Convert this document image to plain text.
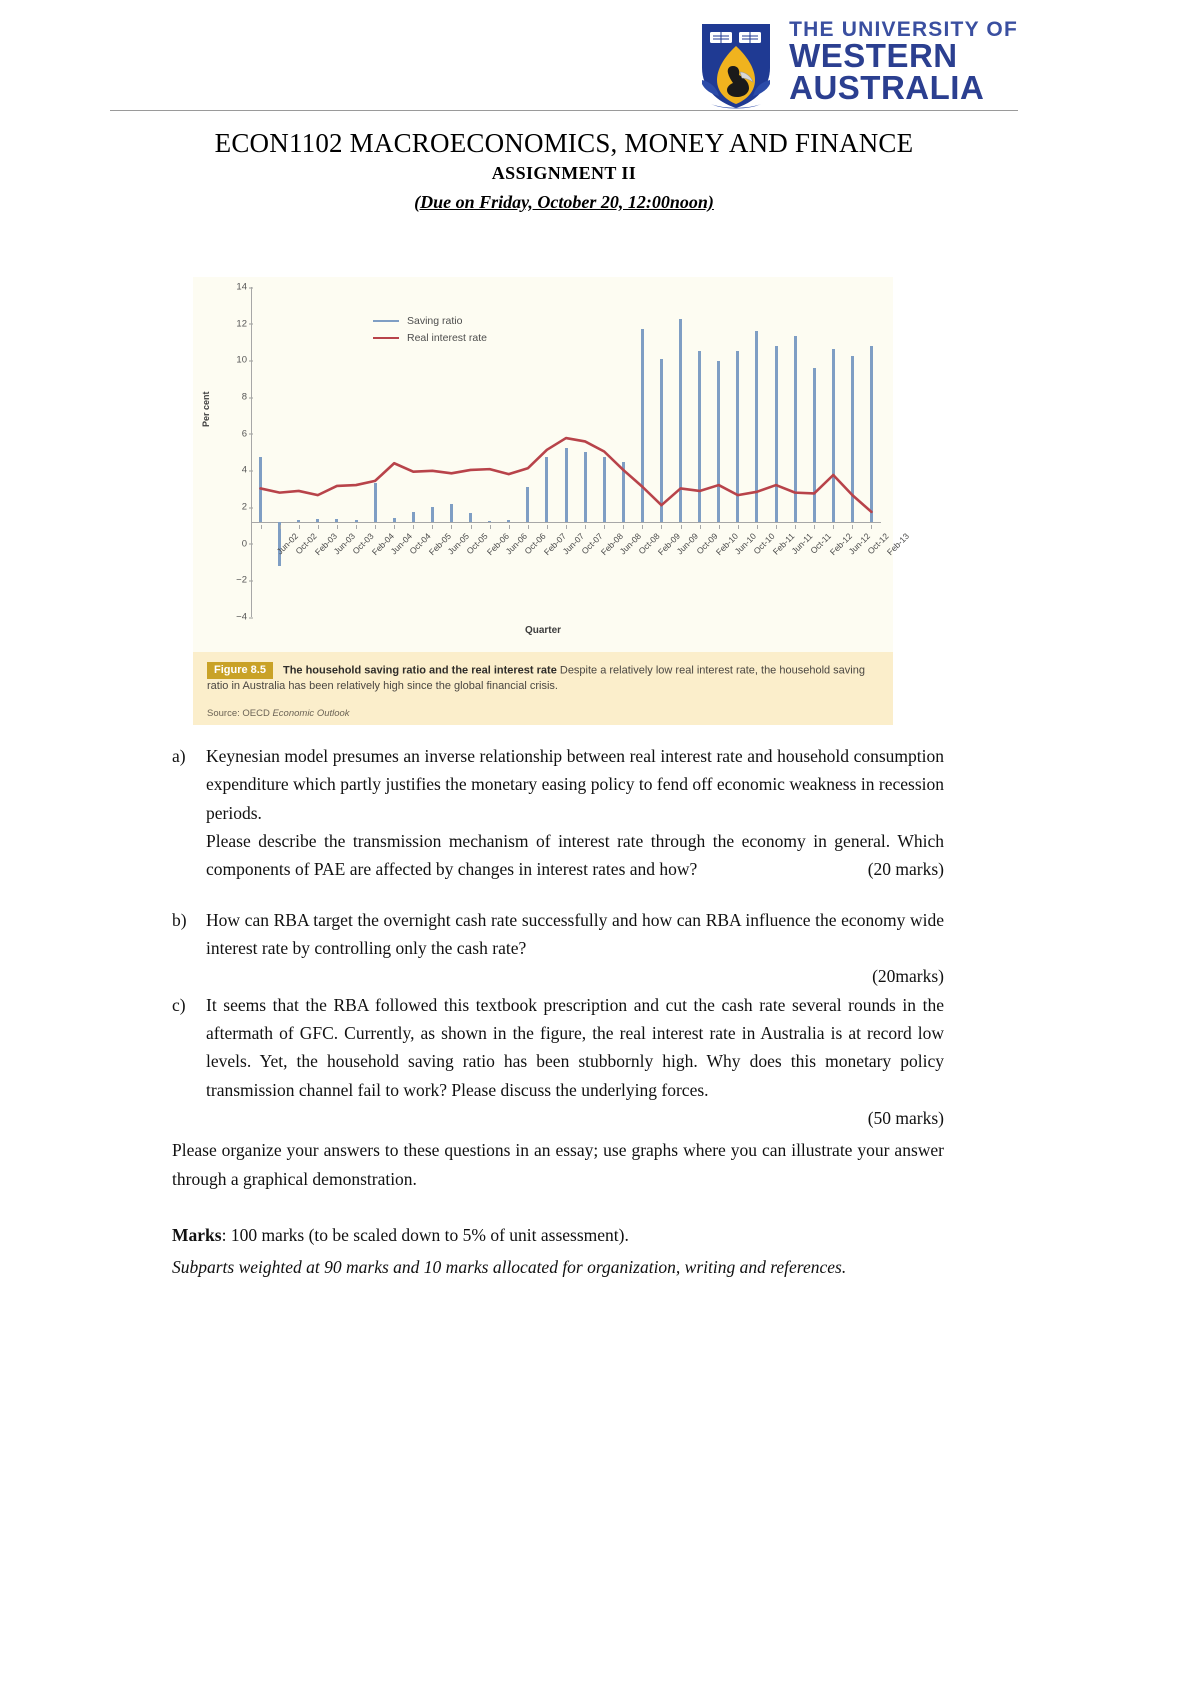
THE UNIVERSITY OF
WESTERN
AUSTRALIA
ECON1102 MACROECONOMICS, MONEY AND FINANCE
ASSIGNMENT II
(Due on Friday, October 20, 12:00noon)
Per cent
14
12
10
8
6
4
2
0
−2
−4
Saving ratio
Real interest rate
Jun-02
Oct-02
Feb-03
Jun-03
Oct-03
Feb-04
Jun-04
Oct-04
Feb-05
Jun-05
Oct-05
Feb-06
Jun-06
Oct-06
Feb-07
Jun-07
Oct-07
Feb-08
Jun-08
Oct-08
Feb-09
Jun-09
Oct-09
Feb-10
Jun-10
Oct-10
Feb-11
Jun-11
Oct-11
Feb-12
Jun-12
Oct-12
Feb-13
Quarter
Figure 8.5 The household saving ratio and the real interest rate Despite a relatively low real interest rate, the household saving ratio in Australia has been relatively high since the global financial crisis.
Source: OECD Economic Outlook
a)	Keynesian model presumes an inverse relationship between real interest rate and household consumption expenditure which partly justifies the monetary easing policy to fend off economic weakness in recession periods.

Please describe the transmission mechanism of interest rate through the economy in general. Which components of PAE are affected by changes in interest rates and how?	(20 marks)

b)	How can RBA target the overnight cash rate successfully and how can RBA influence the economy wide interest rate by controlling only the cash rate?

(20marks)

c)	It seems that the RBA followed this textbook prescription and cut the cash rate several rounds in the aftermath of GFC. Currently, as shown in the figure, the real interest rate in Australia is at record low levels. Yet, the household saving ratio has been stubbornly high. Why does this monetary policy transmission channel fail to work? Please discuss the underlying forces.

(50 marks)

Please organize your answers to these questions in an essay; use graphs where you can illustrate your answer through a graphical demonstration.
Marks: 100 marks (to be scaled down to 5% of unit assessment).
Subparts weighted at 90 marks and 10 marks allocated for organization, writing and references.
